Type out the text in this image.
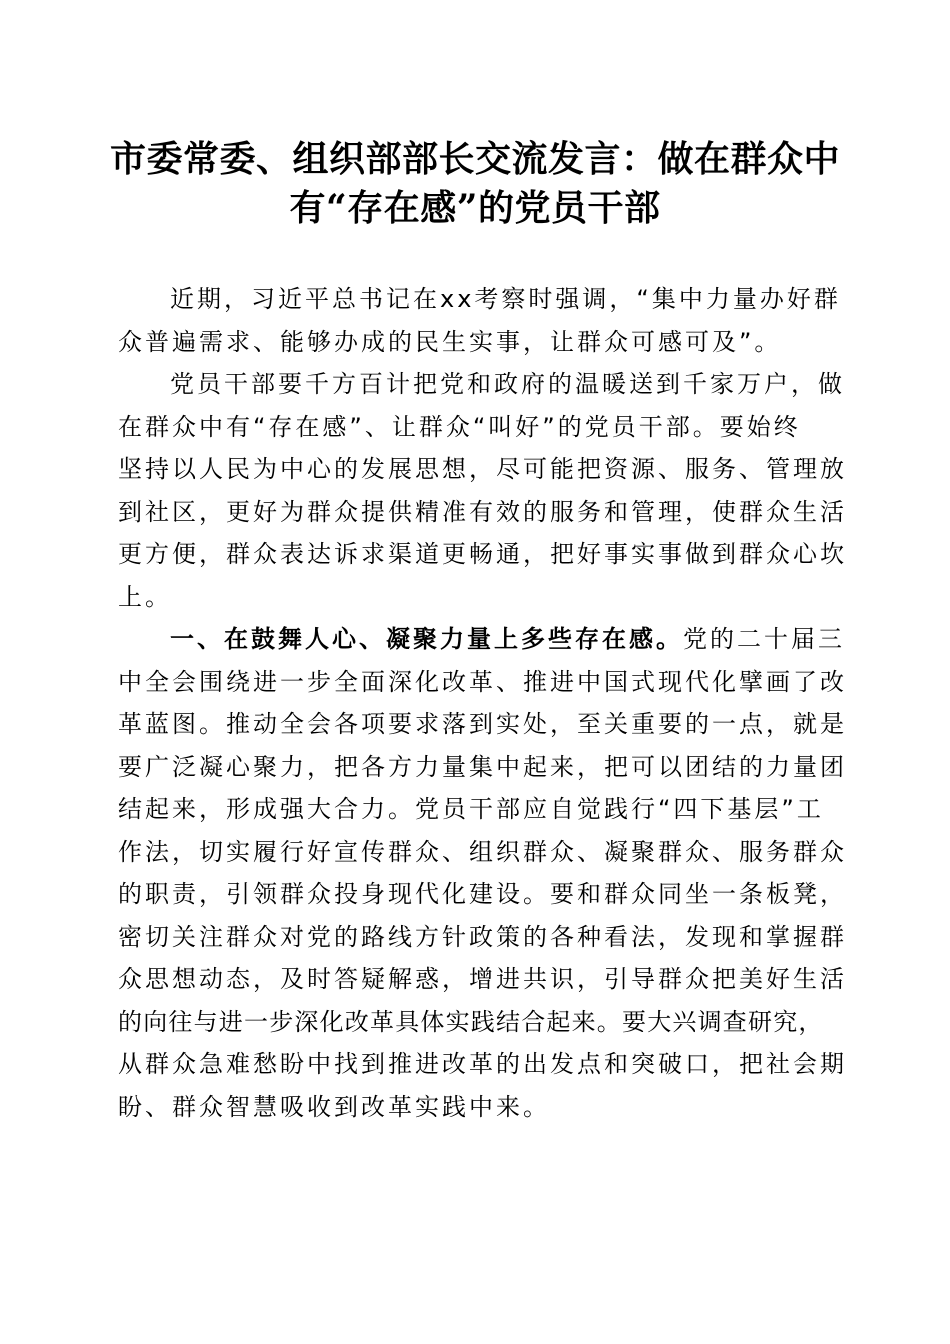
市委常委、组织部部长交流发言：做在群众中
有“存在感”的党员干部
近期，习近平总书记在xx考察时强调，“集中力量办好群
众普遍需求、能够办成的民生实事，让群众可感可及”。
党员干部要千方百计把党和政府的温暖送到千家万户，做
在群众中有“存在感”、让群众“叫好”的党员干部。要始终
坚持以人民为中心的发展思想，尽可能把资源、服务、管理放
到社区，更好为群众提供精准有效的服务和管理，使群众生活
更方便，群众表达诉求渠道更畅通，把好事实事做到群众心坎
上。
一、在鼓舞人心、凝聚力量上多些存在感。党的二十届三
中全会围绕进一步全面深化改革、推进中国式现代化擘画了改
革蓝图。推动全会各项要求落到实处，至关重要的一点，就是
要广泛凝心聚力，把各方力量集中起来，把可以团结的力量团
结起来，形成强大合力。党员干部应自觉践行“四下基层”工
作法，切实履行好宣传群众、组织群众、凝聚群众、服务群众
的职责，引领群众投身现代化建设。要和群众同坐一条板凳，
密切关注群众对党的路线方针政策的各种看法，发现和掌握群
众思想动态，及时答疑解惑，增进共识，引导群众把美好生活
的向往与进一步深化改革具体实践结合起来。要大兴调查研究，
从群众急难愁盼中找到推进改革的出发点和突破口，把社会期
盼、群众智慧吸收到改革实践中来。
